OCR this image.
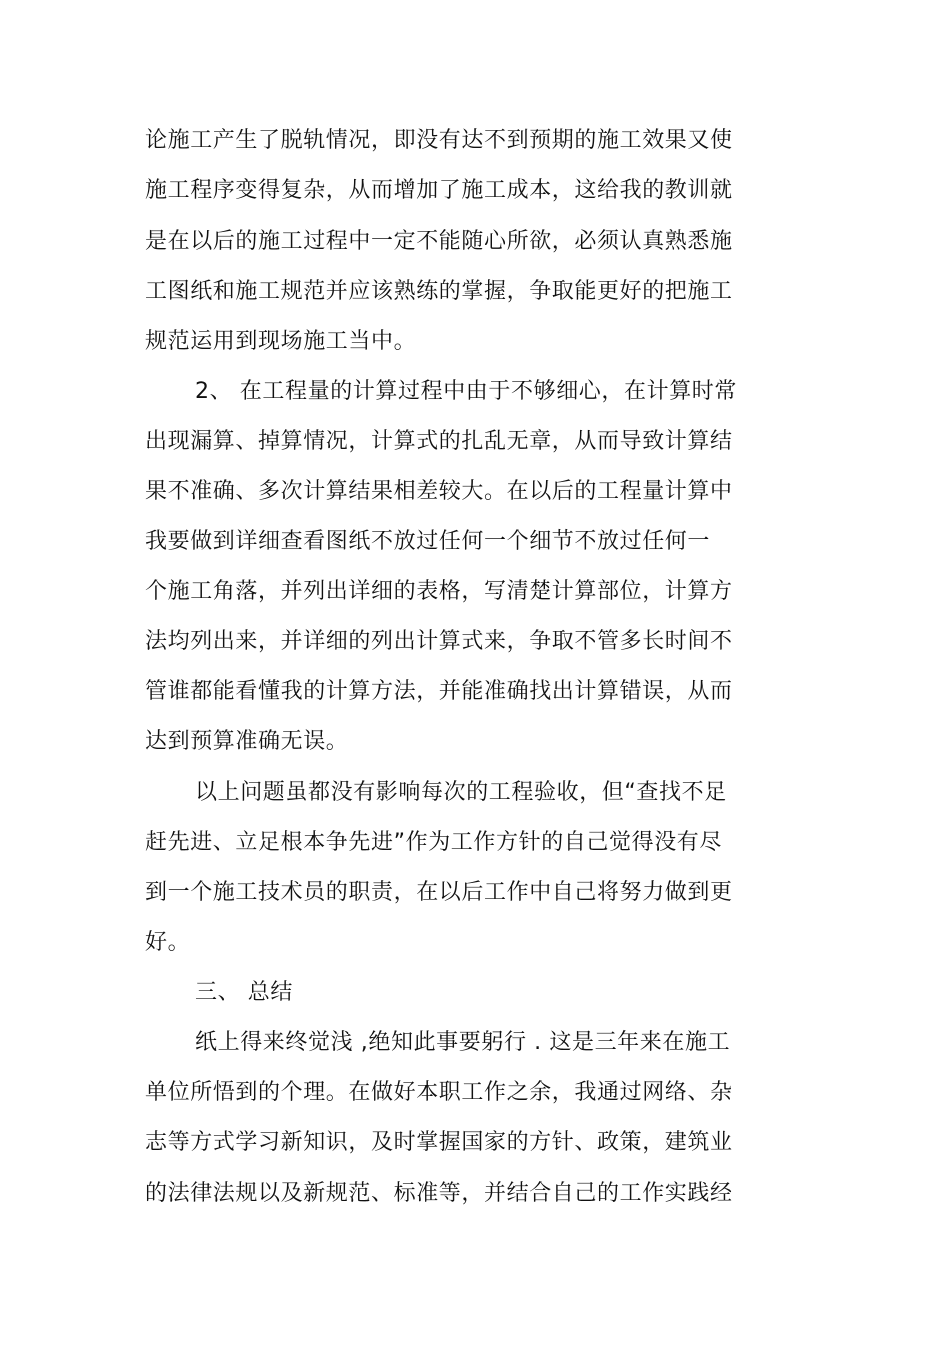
论施工产生了脱轨情况，即没有达不到预期的施工效果又使
施工程序变得复杂，从而增加了施工成本，这给我的教训就
是在以后的施工过程中一定不能随心所欲，必须认真熟悉施
工图纸和施工规范并应该熟练的掌握，争取能更好的把施工
规范运用到现场施工当中。
2、 在工程量的计算过程中由于不够细心，在计算时常
出现漏算、掉算情况，计算式的扎乱无章，从而导致计算结
果不准确、多次计算结果相差较大。在以后的工程量计算中
我要做到详细查看图纸不放过任何一个细节不放过任何一
个施工角落，并列出详细的表格，写清楚计算部位，计算方
法均列出来，并详细的列出计算式来，争取不管多长时间不
管谁都能看懂我的计算方法，并能准确找出计算错误，从而
达到预算准确无误。
以上问题虽都没有影响每次的工程验收，但“查找不足
赶先进、立足根本争先进”作为工作方针的自己觉得没有尽
到一个施工技术员的职责，在以后工作中自己将努力做到更
好。
三、 总结
纸上得来终觉浅 ,绝知此事要躬行 . 这是三年来在施工
单位所悟到的个理。在做好本职工作之余，我通过网络、杂
志等方式学习新知识，及时掌握国家的方针、政策，建筑业
的法律法规以及新规范、标准等，并结合自己的工作实践经
